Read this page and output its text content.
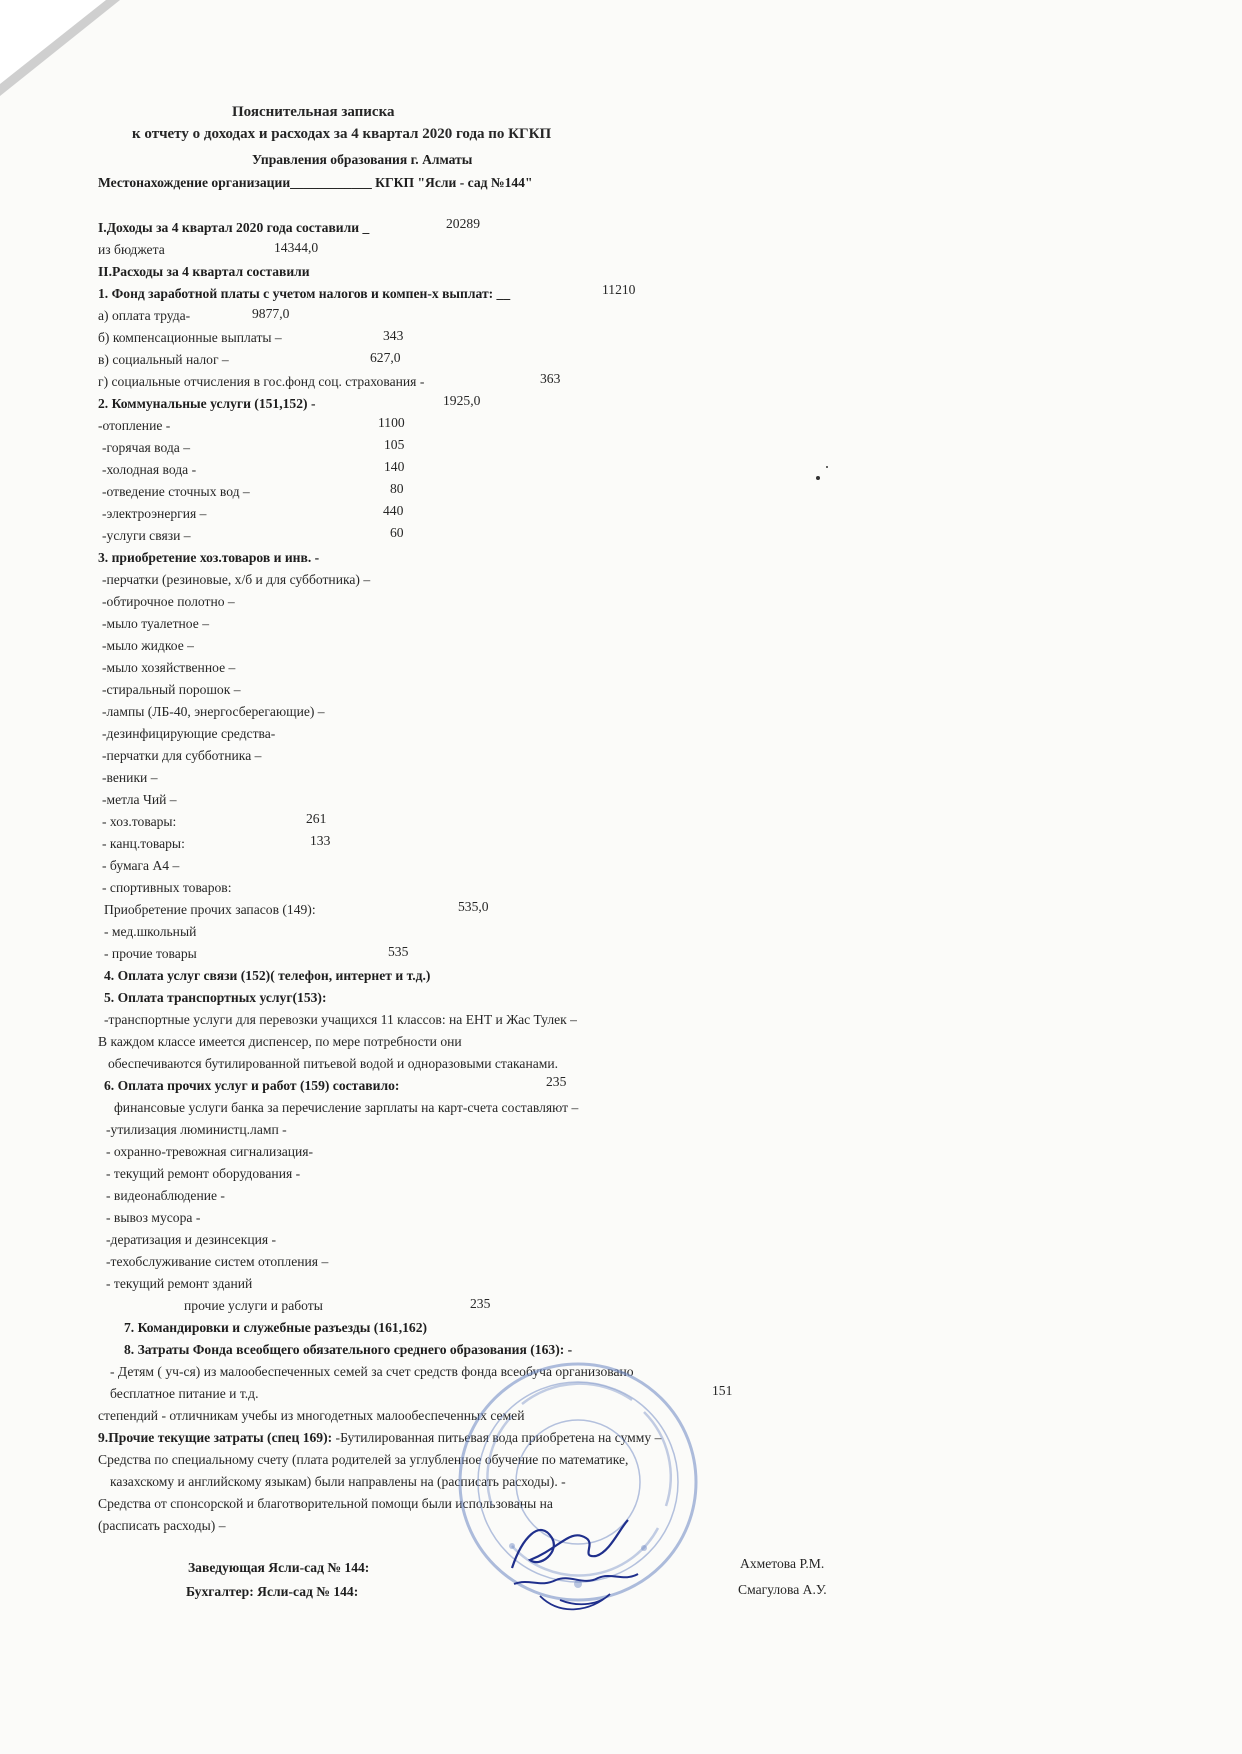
Пояснительная записка
к отчету о доходах и расходах за 4 квартал 2020 года по КГКП
Управления образования г. Алматы
Местонахождение организации____________ КГКП "Ясли - сад №144"
I.Доходы за 4 квартал 2020 года составили _	20289
из бюджета	14344,0
II.Расходы за 4 квартал составили
1. Фонд заработной платы с учетом налогов и компен-х выплат: __	11210
а) оплата труда-	9877,0
б) компенсационные выплаты –	343
в) социальный налог –	627,0
г) социальные отчисления в гос.фонд соц. страхования -	363
2. Коммунальные услуги (151,152) -	1925,0
-отопление -	1100
-горячая вода –	105
-холодная вода -	140
-отведение сточных вод –	80
-электроэнергия –	440
-услуги связи –	60
3. приобретение хоз.товаров и инв. -
-перчатки (резиновые, х/б и для субботника) –
-обтирочное полотно –
-мыло туалетное –
-мыло жидкое –
-мыло хозяйственное –
-стиральный порошок –
-лампы (ЛБ-40, энергосберегающие) –
-дезинфицирующие средства-
-перчатки для субботника –
-веники –
-метла Чий –
- хоз.товары:	261
- канц.товары:	133
- бумага А4 –
- спортивных товаров:
Приобретение прочих запасов (149):	535,0
- мед.школьный
- прочие товары	535
4. Оплата услуг связи (152)( телефон, интернет и т.д.)
5. Оплата транспортных услуг(153):
-транспортные услуги для перевозки учащихся 11 классов: на ЕНТ и Жас Тулек –
В каждом классе имеется диспенсер, по мере потребности они
обеспечиваются бутилированной питьевой водой и одноразовыми стаканами.
6. Оплата прочих услуг и работ (159) составило:	235
финансовые услуги банка за перечисление зарплаты на карт-счета составляют –
-утилизация люминистц.ламп -
- охранно-тревожная сигнализация-
- текущий ремонт оборудования -
- видеонаблюдение -
- вывоз мусора -
-дератизация и дезинсекция -
-техобслуживание систем отопления –
- текущий ремонт зданий
прочие услуги и работы	235
7. Командировки и служебные разъезды (161,162)
8. Затраты Фонда всеобщего обязательного среднего образования (163): -
- Детям ( уч-ся) из малообеспеченных семей за счет средств фонда всеобуча организовано
бесплатное питание и т.д.	151
степендий - отличникам учебы из многодетных малообеспеченных семей
9.Прочие текущие затраты (спец 169): -Бутилированная питьевая вода приобретена на сумму –
Средства по специальному счету (плата родителей за углубленное обучение по математике,
казахскому и английскому языкам) были направлены на (расписать расходы). -
Средства от спонсорской и благотворительной помощи были использованы на
(расписать расходы) –
Заведующая Ясли-сад № 144:	Ахметова Р.М.
Бухгалтер: Ясли-сад № 144:	Смагулова А.У.
